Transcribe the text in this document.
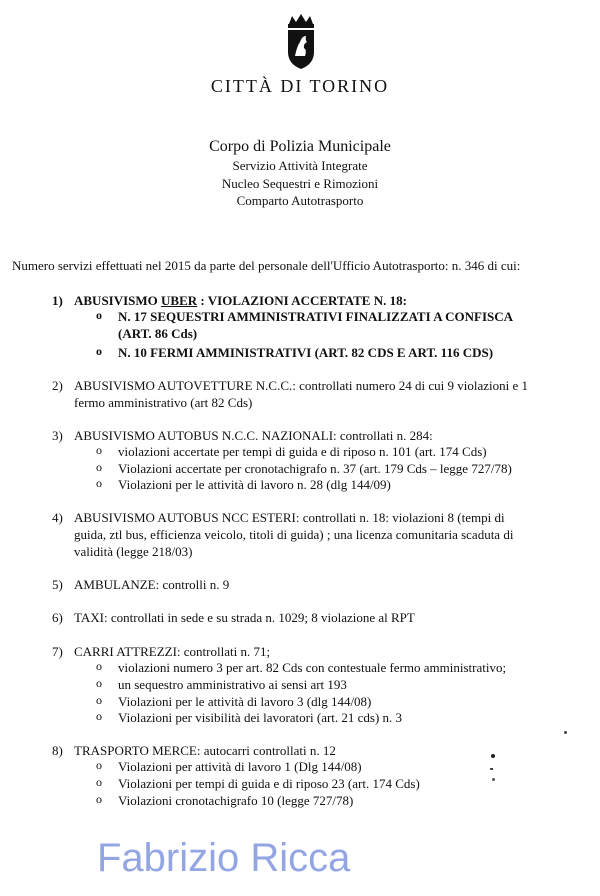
CITTÀ DI TORINO
Corpo di Polizia Municipale
Servizio Attività Integrate
Nucleo Sequestri e Rimozioni
Comparto Autotrasporto
Numero servizi effettuati nel 2015 da parte del personale dell'Ufficio Autotrasporto: n. 346 di cui:
1) ABUSIVISMO UBER : VIOLAZIONI ACCERTATE N. 18:
o N. 17 SEQUESTRI AMMINISTRATIVI FINALIZZATI A CONFISCA
(ART. 86 Cds)
o N. 10 FERMI AMMINISTRATIVI (ART. 82 CDS E ART. 116 CDS)
2) ABUSIVISMO AUTOVETTURE N.C.C.: controllati numero 24 di cui 9 violazioni e 1
fermo amministrativo (art 82 Cds)
3) ABUSIVISMO AUTOBUS N.C.C. NAZIONALI: controllati n. 284:
o violazioni accertate per tempi di guida e di riposo n. 101 (art. 174 Cds)
o Violazioni accertate per cronotachigrafo n. 37 (art. 179 Cds – legge 727/78)
o Violazioni per le attività di lavoro n. 28 (dlg 144/09)
4) ABUSIVISMO AUTOBUS NCC ESTERI: controllati n. 18: violazioni 8 (tempi di
guida, ztl bus, efficienza veicolo, titoli di guida) ; una licenza comunitaria scaduta di
validità (legge 218/03)
5) AMBULANZE: controlli n. 9
6) TAXI: controllati in sede e su strada n. 1029; 8 violazione al RPT
7) CARRI ATTREZZI: controllati n. 71;
o violazioni numero 3 per art. 82 Cds con contestuale fermo amministrativo;
o un sequestro amministrativo ai sensi art 193
o Violazioni per le attività di lavoro 3 (dlg 144/08)
o Violazioni per visibilità dei lavoratori (art. 21 cds) n. 3
8) TRASPORTO MERCE: autocarri controllati n. 12
o Violazioni per attività di lavoro 1 (Dlg 144/08)
o Violazioni per tempi di guida e di riposo 23 (art. 174 Cds)
o Violazioni cronotachigrafo 10 (legge 727/78)
Fabrizio Ricca
